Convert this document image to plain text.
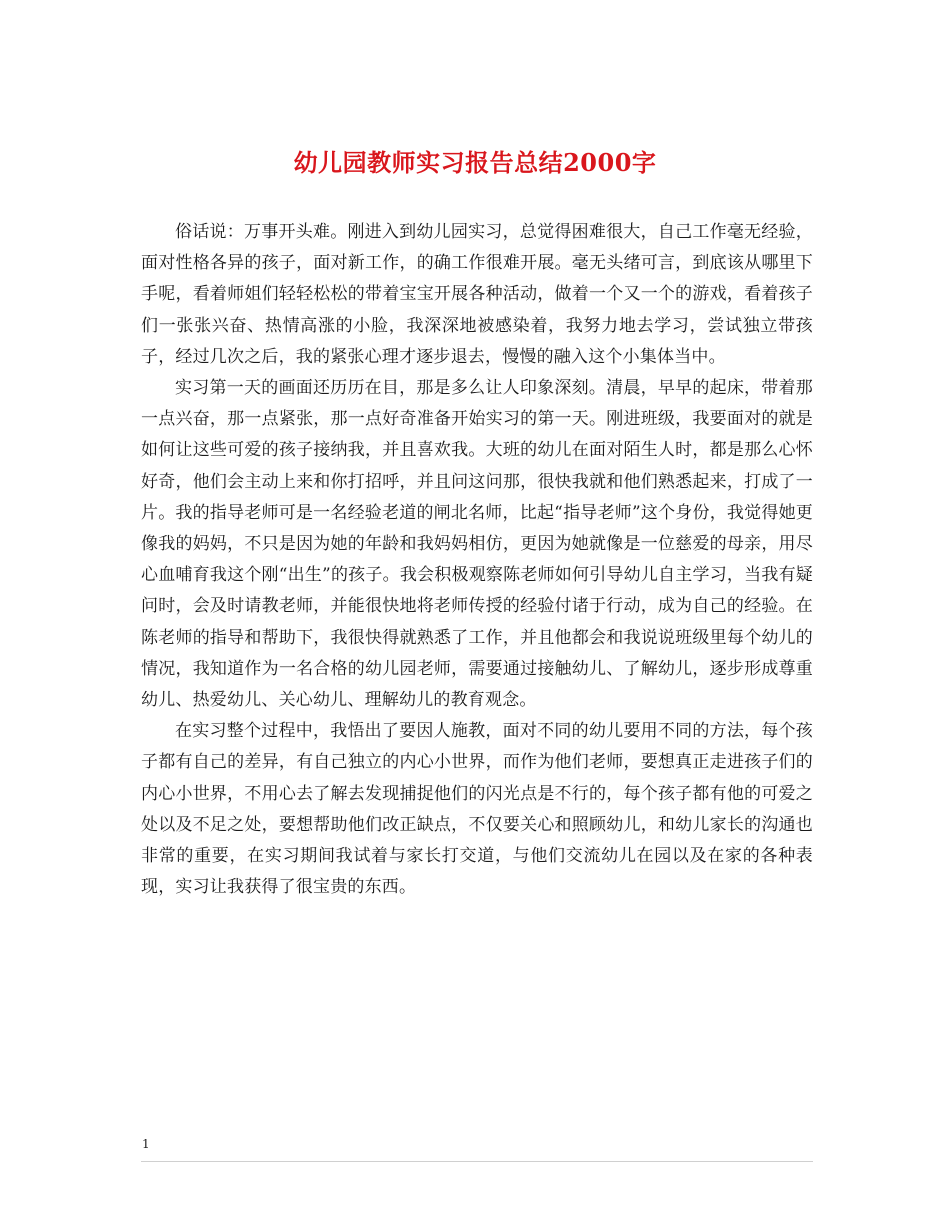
幼儿园教师实习报告总结2000字

俗话说：万事开头难。刚进入到幼儿园实习，总觉得困难很大，自己工作毫无经验，面对性格各异的孩子，面对新工作，的确工作很难开展。毫无头绪可言，到底该从哪里下手呢，看着师姐们轻轻松松的带着宝宝开展各种活动，做着一个又一个的游戏，看着孩子们一张张兴奋、热情高涨的小脸，我深深地被感染着，我努力地去学习，尝试独立带孩子，经过几次之后，我的紧张心理才逐步退去，慢慢的融入这个小集体当中。

实习第一天的画面还历历在目，那是多么让人印象深刻。清晨，早早的起床，带着那一点兴奋，那一点紧张，那一点好奇准备开始实习的第一天。刚进班级，我要面对的就是如何让这些可爱的孩子接纳我，并且喜欢我。大班的幼儿在面对陌生人时，都是那么心怀好奇，他们会主动上来和你打招呼，并且问这问那，很快我就和他们熟悉起来，打成了一片。我的指导老师可是一名经验老道的闸北名师，比起“指导老师”这个身份，我觉得她更像我的妈妈，不只是因为她的年龄和我妈妈相仿，更因为她就像是一位慈爱的母亲，用尽心血哺育我这个刚“出生”的孩子。我会积极观察陈老师如何引导幼儿自主学习，当我有疑问时，会及时请教老师，并能很快地将老师传授的经验付诸于行动，成为自己的经验。在陈老师的指导和帮助下，我很快得就熟悉了工作，并且他都会和我说说班级里每个幼儿的情况，我知道作为一名合格的幼儿园老师，需要通过接触幼儿、了解幼儿，逐步形成尊重幼儿、热爱幼儿、关心幼儿、理解幼儿的教育观念。

在实习整个过程中，我悟出了要因人施教，面对不同的幼儿要用不同的方法，每个孩子都有自己的差异，有自己独立的内心小世界，而作为他们老师，要想真正走进孩子们的内心小世界，不用心去了解去发现捕捉他们的闪光点是不行的，每个孩子都有他的可爱之处以及不足之处，要想帮助他们改正缺点，不仅要关心和照顾幼儿，和幼儿家长的沟通也非常的重要，在实习期间我试着与家长打交道，与他们交流幼儿在园以及在家的各种表现，实习让我获得了很宝贵的东西。

1
